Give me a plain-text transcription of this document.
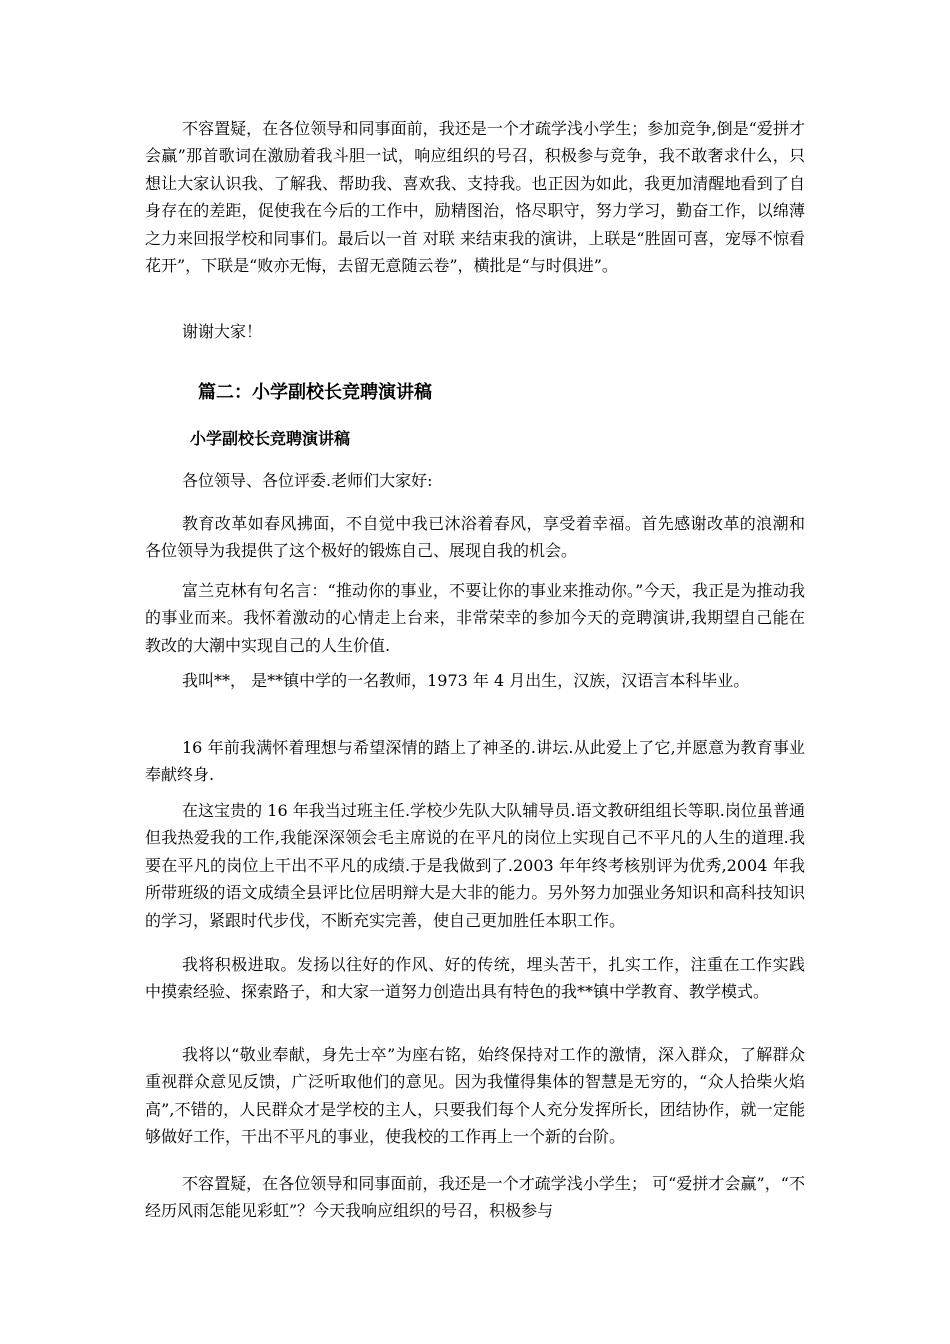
不容置疑，在各位领导和同事面前，我还是一个才疏学浅小学生；参加竞争,倒是“爱拼才会赢”那首歌词在激励着我斗胆一试，响应组织的号召，积极参与竞争，我不敢奢求什么，只想让大家认识我、了解我、帮助我、喜欢我、支持我。也正因为如此，我更加清醒地看到了自身存在的差距，促使我在今后的工作中，励精图治，恪尽职守，努力学习，勤奋工作，以绵薄之力来回报学校和同事们。最后以一首 对联 来结束我的演讲，上联是“胜固可喜，宠辱不惊看花开”，下联是“败亦无悔，去留无意随云卷”，横批是“与时俱进”。

谢谢大家！

篇二：小学副校长竞聘演讲稿
小学副校长竞聘演讲稿

各位领导、各位评委.老师们大家好:

教育改革如春风拂面，不自觉中我已沐浴着春风，享受着幸福。首先感谢改革的浪潮和各位领导为我提供了这个极好的锻炼自己、展现自我的机会。

富兰克林有句名言：“推动你的事业，不要让你的事业来推动你。”今天，我正是为推动我的事业而来。我怀着激动的心情走上台来，非常荣幸的参加今天的竞聘演讲,我期望自己能在教改的大潮中实现自己的人生价值.

我叫**， 是**镇中学的一名教师，1973 年 4 月出生，汉族，汉语言本科毕业。

16 年前我满怀着理想与希望深情的踏上了神圣的.讲坛.从此爱上了它,并愿意为教育事业奉献终身.

在这宝贵的 16 年我当过班主任.学校少先队大队辅导员.语文教研组组长等职.岗位虽普通但我热爱我的工作,我能深深领会毛主席说的在平凡的岗位上实现自己不平凡的人生的道理.我要在平凡的岗位上干出不平凡的成绩.于是我做到了.2003 年年终考核别评为优秀,2004 年我所带班级的语文成绩全县评比位居明辩大是大非的能力。另外努力加强业务知识和高科技知识的学习，紧跟时代步伐，不断充实完善，使自己更加胜任本职工作。

我将积极进取。发扬以往好的作风、好的传统，埋头苦干，扎实工作，注重在工作实践中摸索经验、探索路子，和大家一道努力创造出具有特色的我**镇中学教育、教学模式。

我将以“敬业奉献，身先士卒”为座右铭，始终保持对工作的激情，深入群众，了解群众重视群众意见反馈，广泛听取他们的意见。因为我懂得集体的智慧是无穷的，“众人拾柴火焰高”,不错的，人民群众才是学校的主人，只要我们每个人充分发挥所长，团结协作，就一定能够做好工作，干出不平凡的事业，使我校的工作再上一个新的台阶。

不容置疑，在各位领导和同事面前，我还是一个才疏学浅小学生； 可“爱拼才会赢”，“不经历风雨怎能见彩虹”？今天我响应组织的号召，积极参与
